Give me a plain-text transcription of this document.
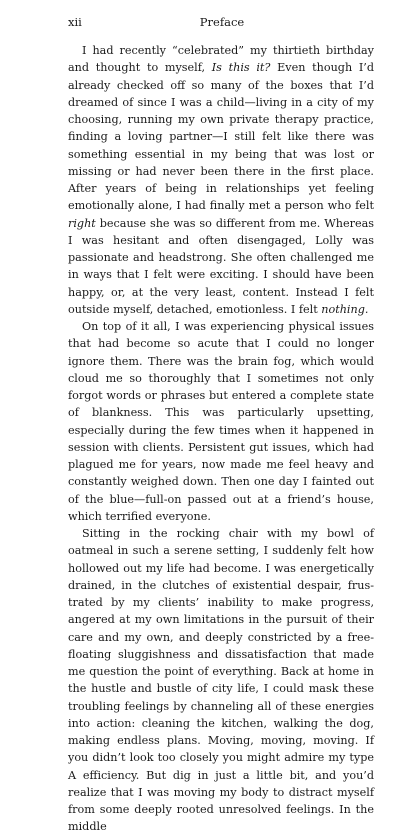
xii	Preface

I had recently “celebrated” my thirtieth birthday and thought to myself, Is this it? Even though I’d already checked off so many of the boxes that I’d dreamed of since I was a child—living in a city of my choosing, running my own private therapy practice, finding a loving partner—I still felt like there was something essential in my being that was lost or missing or had never been there in the first place. After years of being in relationships yet feeling emotionally alone, I had finally met a person who felt right because she was so different from me. Whereas I was hesitant and often disengaged, Lolly was passionate and headstrong. She often challenged me in ways that I felt were exciting. I should have been happy, or, at the very least, content. Instead I felt outside myself, detached, emotionless. I felt nothing.

On top of it all, I was experiencing physical issues that had become so acute that I could no longer ignore them. There was the brain fog, which would cloud me so thoroughly that I sometimes not only forgot words or phrases but entered a complete state of blankness. This was particularly upsetting, especially during the few times when it happened in session with clients. Persistent gut issues, which had plagued me for years, now made me feel heavy and constantly weighed down. Then one day I fainted out of the blue—full-on passed out at a friend’s house, which terrified everyone.

Sitting in the rocking chair with my bowl of oatmeal in such a serene setting, I suddenly felt how hollowed out my life had become. I was energetically drained, in the clutches of existential despair, frustrated by my clients’ inability to make progress, angered at my own limitations in the pursuit of their care and my own, and deeply constricted by a free-floating sluggishness and dissatisfaction that made me question the point of everything. Back at home in the hustle and bustle of city life, I could mask these troubling feelings by channeling all of these energies into action: cleaning the kitchen, walking the dog, making endless plans. Moving, moving, moving. If you didn’t look too closely you might admire my type A efficiency. But dig in just a little bit, and you’d realize that I was moving my body to distract myself from some deeply rooted unresolved feelings. In the middle
